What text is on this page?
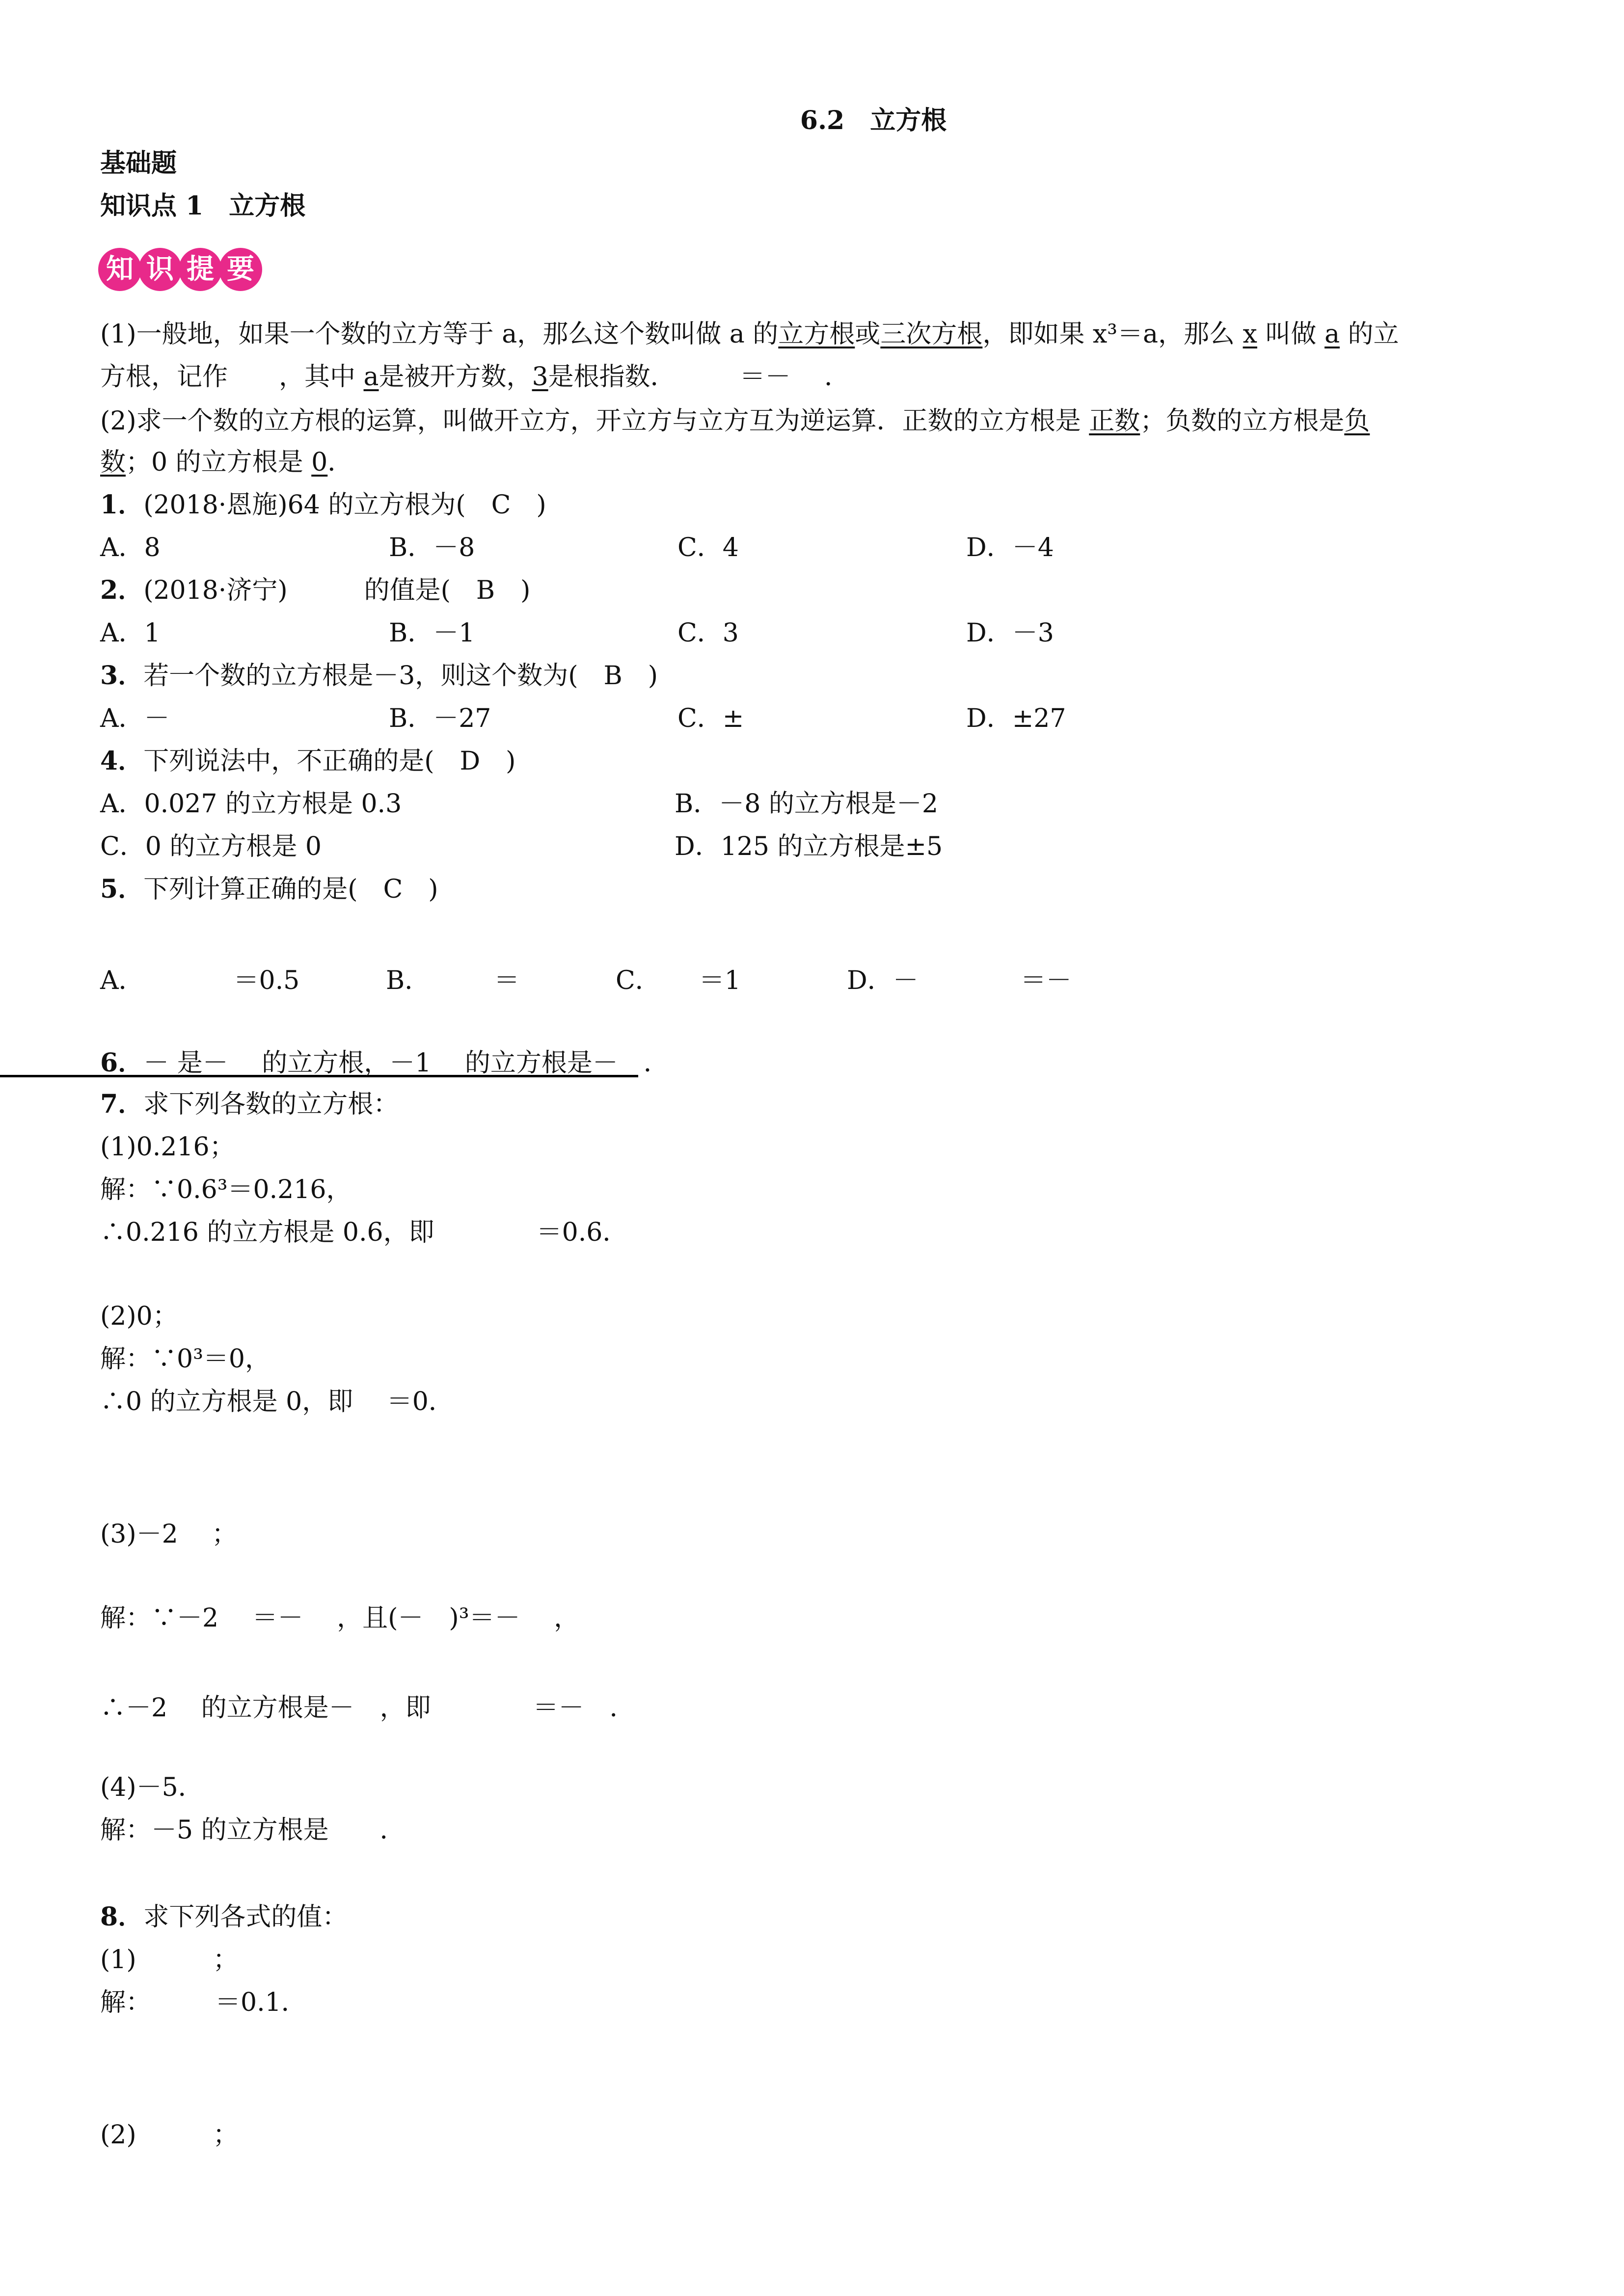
6.2　立方根
基础题
知识点 1　立方根
知 识 提 要
(1)一般地，如果一个数的立方等于 a，那么这个数叫做 a 的立方根或三次方根，即如果 x³＝a，那么 x 叫做 a 的立
方根，记作　　，其中 a是被开方数，3是根指数．　　　＝－　 ．
(2)求一个数的立方根的运算，叫做开立方，开立方与立方互为逆运算．正数的立方根是 正数；负数的立方根是负
数；0 的立方根是 0．
1．(2018·恩施)64 的立方根为(　C　)
A．8	B．－8	C．4	D．－4
2．(2018·济宁)　　　的值是(　B　)
A．1	B．－1	C．3	D．－3
3．若一个数的立方根是－3，则这个数为(　B　)
A．－	B．－27	C．±	D．±27
4．下列说法中，不正确的是(　D　)
A．0.027 的立方根是 0.3	B．－8 的立方根是－2
C．0 的立方根是 0	D．125 的立方根是±5
5．下列计算正确的是(　C　)
A．　　　　＝0.5	B．　　　＝	C．　　＝1	D．－　　　　＝－
6．－ 是－　 的立方根，－1　 的立方根是－　．
7．求下列各数的立方根：
(1)0.216；
解：∵0.6³＝0.216，
∴0.216 的立方根是 0.6，即　　　　＝0.6．
(2)0；
解：∵0³＝0，
∴0 的立方根是 0，即　 ＝0．
(3)－2　 ；
解：∵－2　 ＝－　 ，且(－　)³＝－　 ，
∴－2　 的立方根是－　，即　　　　＝－　．
(4)－5．
解：－5 的立方根是　　．
8．求下列各式的值：
(1)　　　；
解：　　　＝0.1．
(2)　　　；
